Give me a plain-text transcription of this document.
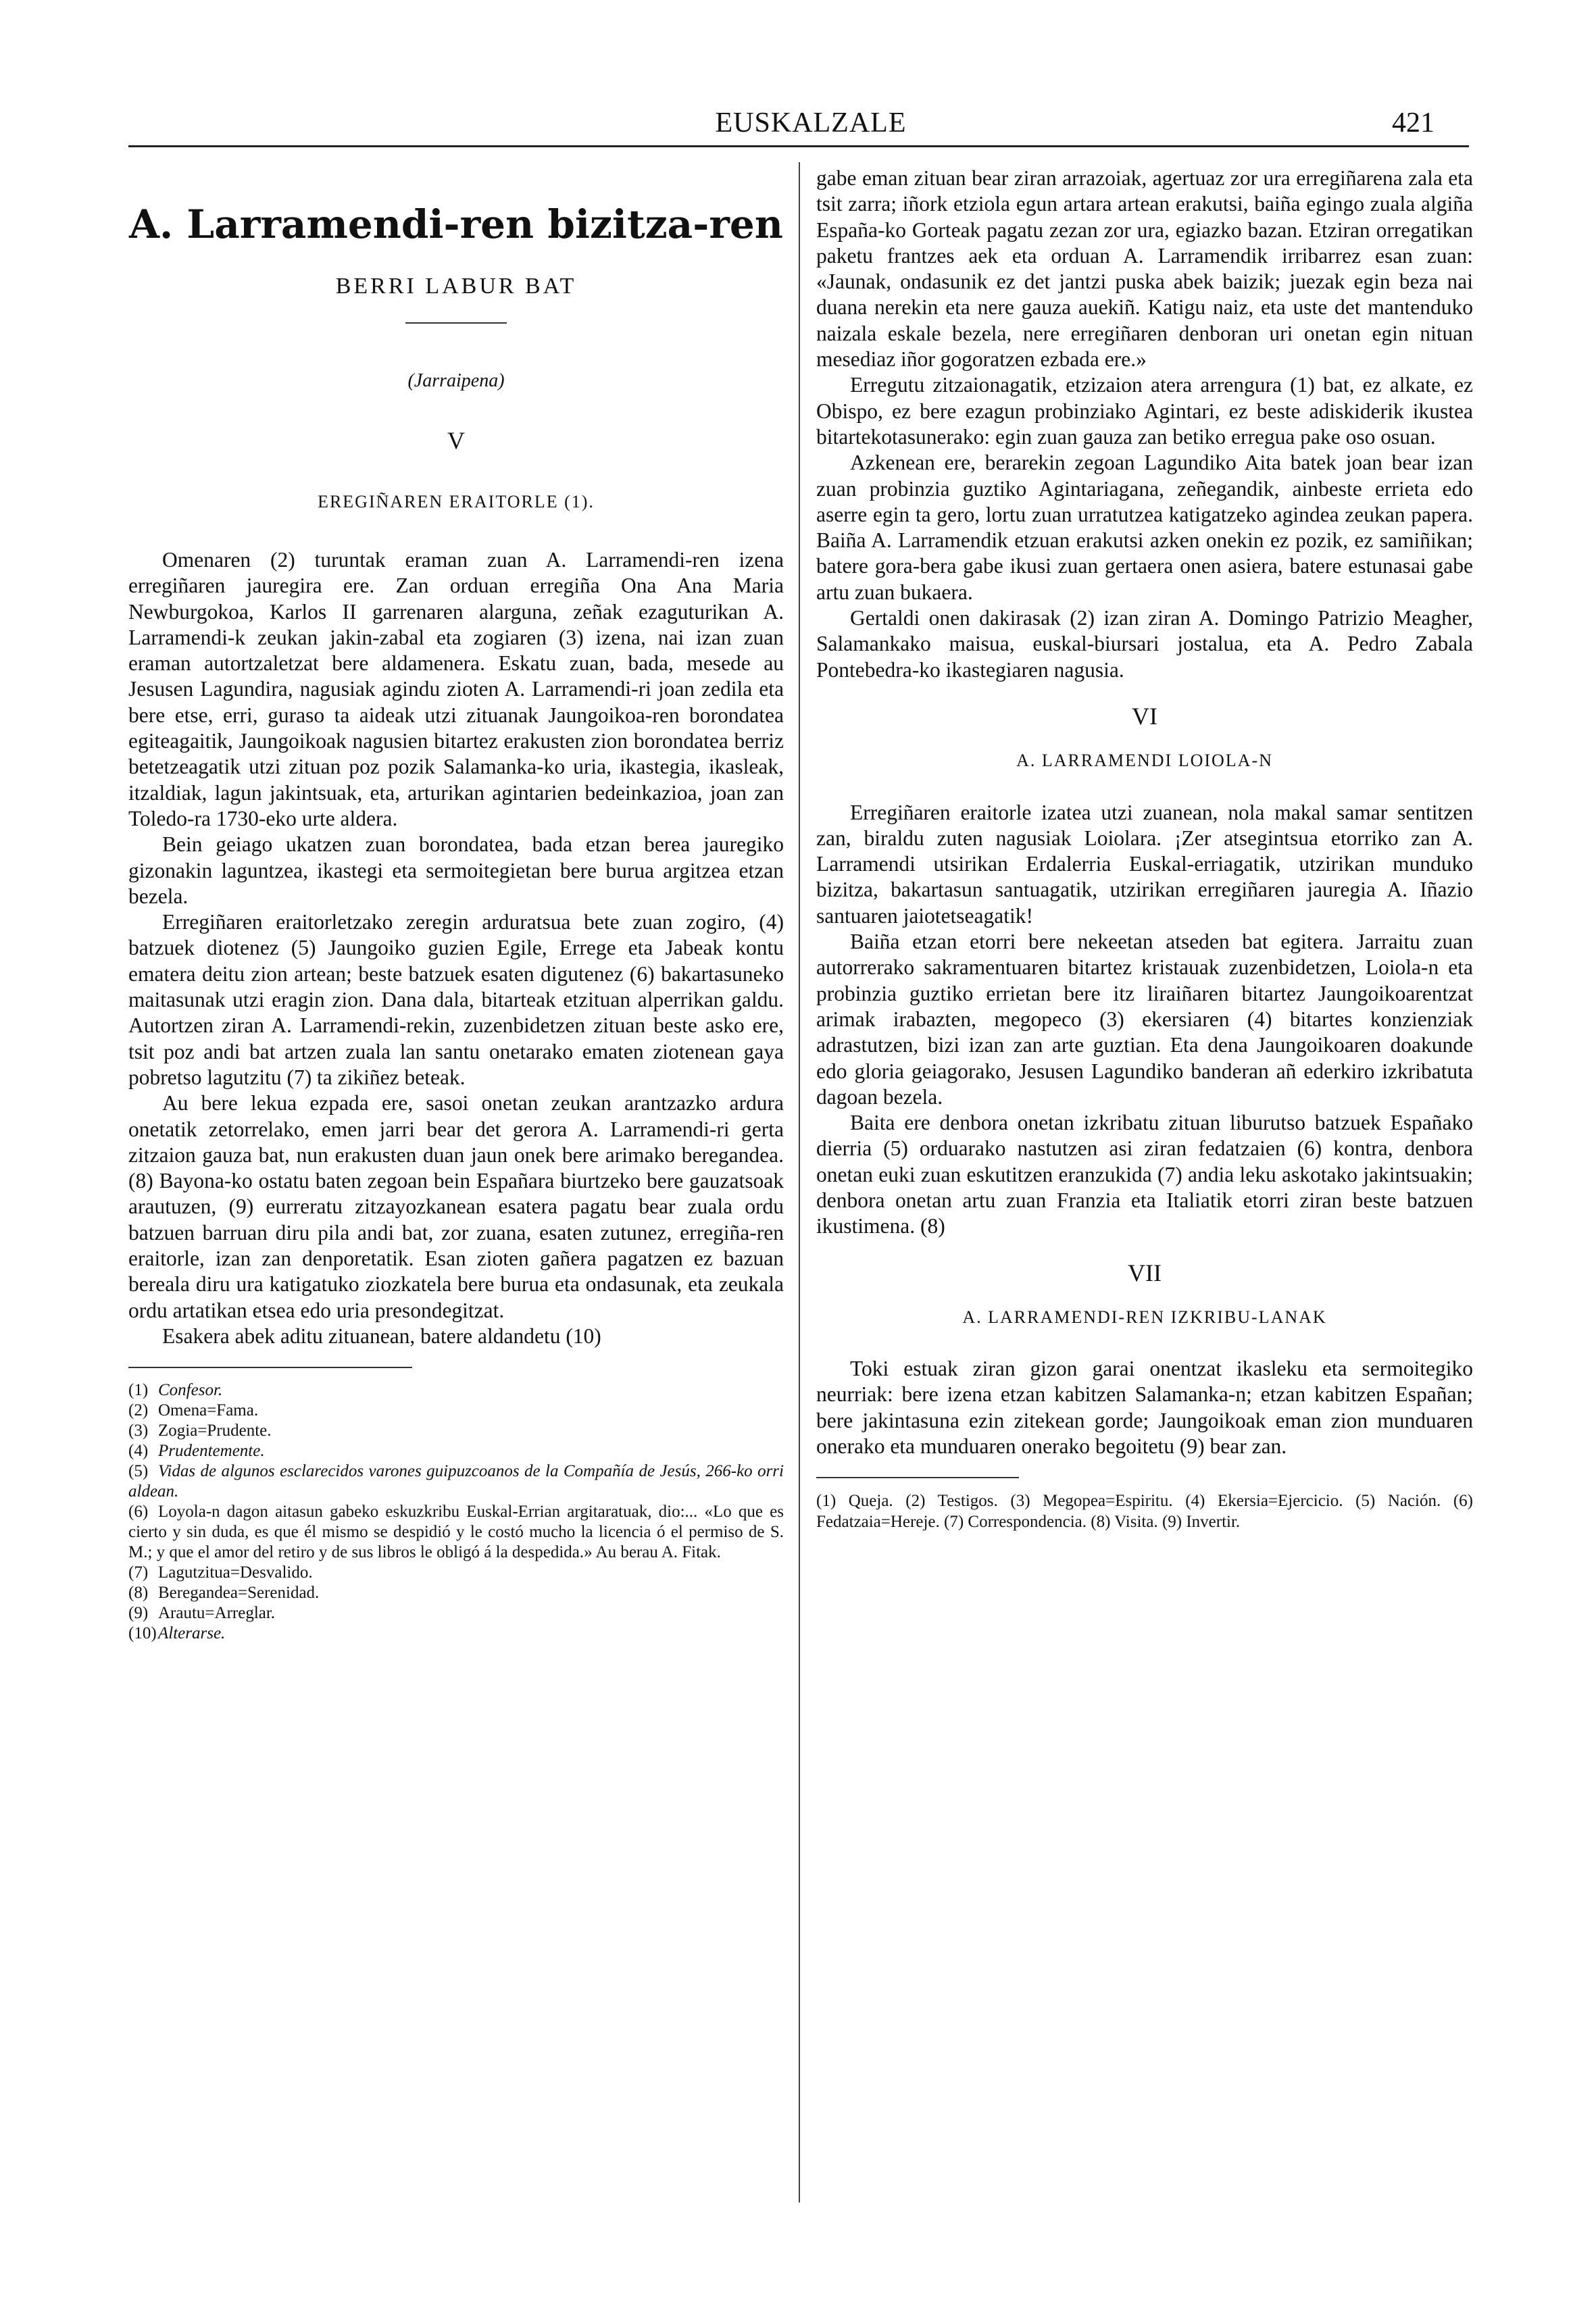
EUSKALZALE	421
A. Larramendi-ren bizitza-ren
BERRI LABUR BAT
(Jarraipena)
V
EREGIÑAREN ERAITORLE (1).

Omenaren (2) turuntak eraman zuan A. Larramendi-ren izena erregiñaren jauregira ere. Zan orduan erregiña Ona Ana Maria Newburgokoa, Karlos II garrenaren alarguna, zeñak ezaguturikan A. Larramendi-k zeukan jakin-zabal eta zogiaren (3) izena, nai izan zuan eraman autortzaletzat bere aldamenera. Eskatu zuan, bada, mesede au Jesusen Lagundira, nagusiak agindu zioten A. Larramendi-ri joan zedila eta bere etse, erri, guraso ta aideak utzi zituanak Jaungoikoa-ren borondatea egiteagaitik, Jaungoikoak nagusien bitartez erakusten zion borondatea berriz betetzeagatik utzi zituan poz pozik Salamanka-ko uria, ikastegia, ikasleak, itzaldiak, lagun jakintsuak, eta, arturikan agintarien bedeinkazioa, joan zan Toledo-ra 1730-eko urte aldera.

Bein geiago ukatzen zuan borondatea, bada etzan berea jauregiko gizonakin laguntzea, ikastegi eta sermoitegietan bere burua argitzea etzan bezela.

Erregiñaren eraitorletzako zeregin arduratsua bete zuan zogiro, (4) batzuek diotenez (5) Jaungoiko guzien Egile, Errege eta Jabeak kontu ematera deitu zion artean; beste batzuek esaten digutenez (6) bakartasuneko maitasunak utzi eragin zion. Dana dala, bitarteak etzituan alperrikan galdu. Autortzen ziran A. Larramendi-rekin, zuzenbidetzen zituan beste asko ere, tsit poz andi bat artzen zuala lan santu onetarako ematen ziotenean gaya pobretso lagutzitu (7) ta zikiñez beteak.

Au bere lekua ezpada ere, sasoi onetan zeukan arantzazko ardura onetatik zetorrelako, emen jarri bear det gerora A. Larramendi-ri gerta zitzaion gauza bat, nun erakusten duan jaun onek bere arimako beregandea. (8) Bayona-ko ostatu baten zegoan bein Españara biurtzeko bere gauzatsoak arautuzen, (9) eurreratu zitzayozkanean esatera pagatu bear zuala ordu batzuen barruan diru pila andi bat, zor zuana, esaten zutunez, erregiña-ren eraitorle, izan zan denporetatik. Esan zioten gañera pagatzen ez bazuan bereala diru ura katigatuko ziozkatela bere burua eta ondasunak, eta zeukala ordu artatikan etsea edo uria presondegitzat.

Esakera abek aditu zituanean, batere aldandetu (10)

(1) Confesor.

(2) Omena=Fama.

(3) Zogia=Prudente.

(4) Prudentemente.

(5) Vidas de algunos esclarecidos varones guipuzcoanos de la Compañía de Jesús, 266-ko orri aldean.

(6) Loyola-n dagon aitasun gabeko eskuzkribu Euskal-Errian argitaratuak, dio:... «Lo que es cierto y sin duda, es que él mismo se despidió y le costó mucho la licencia ó el permiso de S. M.; y que el amor del retiro y de sus libros le obligó á la despedida.» Au berau A. Fitak.

(7) Lagutzitua=Desvalido.

(8) Beregandea=Serenidad.

(9) Arautu=Arreglar.

(10)Alterarse.

gabe eman zituan bear ziran arrazoiak, agertuaz zor ura erregiñarena zala eta tsit zarra; iñork etziola egun artara artean erakutsi, baiña egingo zuala algiña España-ko Gorteak pagatu zezan zor ura, egiazko bazan. Etziran orregatikan paketu frantzes aek eta orduan A. Larramendik irribarrez esan zuan: «Jaunak, ondasunik ez det jantzi puska abek baizik; juezak egin beza nai duana nerekin eta nere gauza auekiñ. Katigu naiz, eta uste det mantenduko naizala eskale bezela, nere erregiñaren denboran uri onetan egin nituan mesediaz iñor gogoratzen ezbada ere.»

Erregutu zitzaionagatik, etzizaion atera arrengura (1) bat, ez alkate, ez Obispo, ez bere ezagun probinziako Agintari, ez beste adiskiderik ikustea bitartekotasunerako: egin zuan gauza zan betiko erregua pake oso osuan.

Azkenean ere, berarekin zegoan Lagundiko Aita batek joan bear izan zuan probinzia guztiko Agintariagana, zeñegandik, ainbeste errieta edo aserre egin ta gero, lortu zuan urratutzea katigatzeko agindea zeukan papera. Baiña A. Larramendik etzuan erakutsi azken onekin ez pozik, ez samiñikan; batere gora-bera gabe ikusi zuan gertaera onen asiera, batere estunasai gabe artu zuan bukaera.

Gertaldi onen dakirasak (2) izan ziran A. Domingo Patrizio Meagher, Salamankako maisua, euskal-biursari jostalua, eta A. Pedro Zabala Pontebedra-ko ikastegiaren nagusia.

VI
A. LARRAMENDI LOIOLA-N

Erregiñaren eraitorle izatea utzi zuanean, nola makal samar sentitzen zan, biraldu zuten nagusiak Loiolara. ¡Zer atsegintsua etorriko zan A. Larramendi utsirikan Erdalerria Euskal-erriagatik, utzirikan munduko bizitza, bakartasun santuagatik, utzirikan erregiñaren jauregia A. Iñazio santuaren jaiotetseagatik!

Baiña etzan etorri bere nekeetan atseden bat egitera. Jarraitu zuan autorrerako sakramentuaren bitartez kristauak zuzenbidetzen, Loiola-n eta probinzia guztiko errietan bere itz liraiñaren bitartez Jaungoikoarentzat arimak irabazten, megopeco (3) ekersiaren (4) bitartes konzienziak adrastutzen, bizi izan zan arte guztian. Eta dena Jaungoikoaren doakunde edo gloria geiagorako, Jesusen Lagundiko banderan añ ederkiro izkribatuta dagoan bezela.

Baita ere denbora onetan izkribatu zituan liburutso batzuek Españako dierria (5) orduarako nastutzen asi ziran fedatzaien (6) kontra, denbora onetan euki zuan eskutitzen eranzukida (7) andia leku askotako jakintsuakin; denbora onetan artu zuan Franzia eta Italiatik etorri ziran beste batzuen ikustimena. (8)

VII
A. LARRAMENDI-REN IZKRIBU-LANAK

Toki estuak ziran gizon garai onentzat ikasleku eta sermoitegiko neurriak: bere izena etzan kabitzen Salamanka-n; etzan kabitzen Españan; bere jakintasuna ezin zitekean gorde; Jaungoikoak eman zion munduaren onerako eta munduaren onerako begoitetu (9) bear zan.

(1) Queja. (2) Testigos. (3) Megopea=Espiritu. (4) Ekersia=Ejercicio. (5) Nación. (6) Fedatzaia=Hereje. (7) Correspondencia. (8) Visita. (9) Invertir.
